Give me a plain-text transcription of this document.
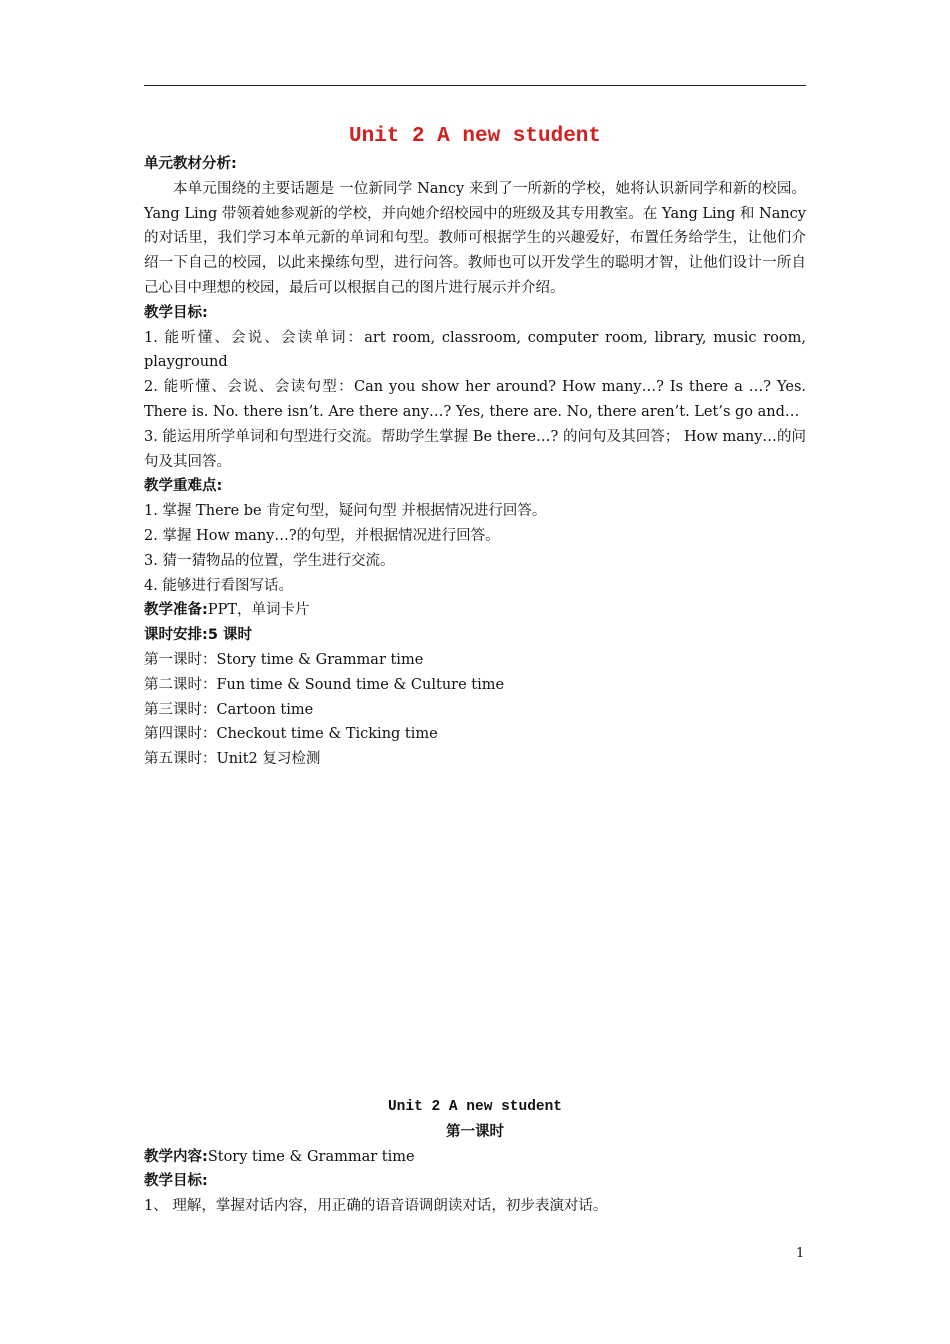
Unit 2 A new student

单元教材分析:

本单元围绕的主要话题是 一位新同学 Nancy 来到了一所新的学校，她将认识新同学和新的校园。Yang Ling 带领着她参观新的学校，并向她介绍校园中的班级及其专用教室。在 Yang Ling 和 Nancy 的对话里，我们学习本单元新的单词和句型。教师可根据学生的兴趣爱好，布置任务给学生，让他们介绍一下自己的校园，以此来操练句型，进行问答。教师也可以开发学生的聪明才智，让他们设计一所自己心目中理想的校园，最后可以根据自己的图片进行展示并介绍。

教学目标:

1. 能听懂、会说、会读单词：art room, classroom, computer room, library, music room, playground

2. 能听懂、会说、会读句型：Can you show her around? How many…? Is there a …? Yes. There is. No. there isn’t. Are there any…? Yes, there are. No, there aren’t. Let’s go and…

3. 能运用所学单词和句型进行交流。帮助学生掌握 Be there…? 的问句及其回答； How many…的问句及其回答。

教学重难点:

1. 掌握 There be 肯定句型，疑问句型 并根据情况进行回答。

2. 掌握 How many…?的句型，并根据情况进行回答。

3. 猜一猜物品的位置，学生进行交流。

4. 能够进行看图写话。

教学准备:PPT，单词卡片

课时安排:5 课时

第一课时：Story time & Grammar time

第二课时：Fun time & Sound time & Culture time

第三课时：Cartoon time

第四课时：Checkout time & Ticking time

第五课时：Unit2 复习检测

Unit 2 A new student

第一课时

教学内容:Story time & Grammar time

教学目标:

1、 理解，掌握对话内容，用正确的语音语调朗读对话，初步表演对话。

1
